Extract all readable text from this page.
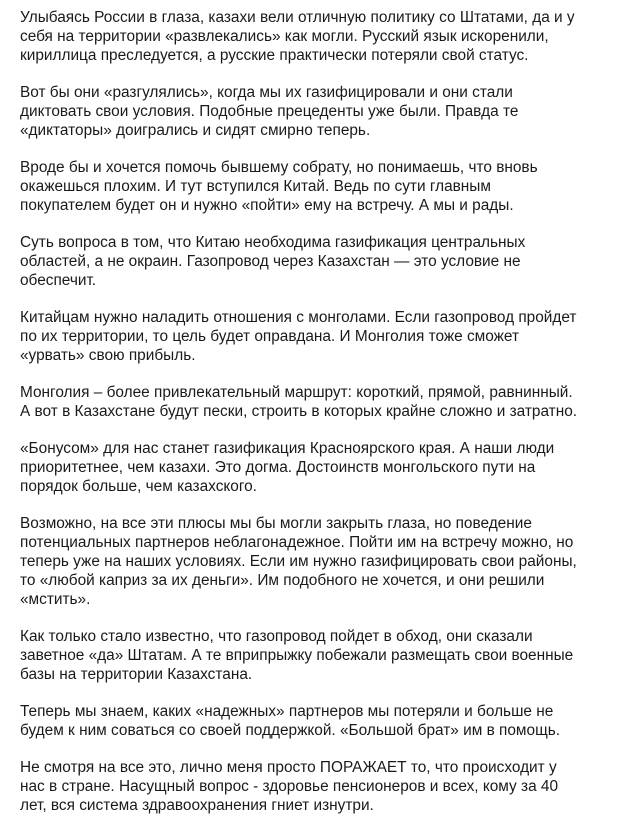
Улыбаясь России в глаза, казахи вели отличную политику со Штатами, да и у
себя на территории «развлекались» как могли. Русский язык искоренили,
кириллица преследуется, а русские практически потеряли свой статус.

Вот бы они «разгулялись», когда мы их газифицировали и они стали
диктовать свои условия. Подобные прецеденты уже были. Правда те
«диктаторы» доигрались и сидят смирно теперь.

Вроде бы и хочется помочь бывшему собрату, но понимаешь, что вновь
окажешься плохим. И тут вступился Китай. Ведь по сути главным
покупателем будет он и нужно «пойти» ему на встречу. А мы и рады.

Суть вопроса в том, что Китаю необходима газификация центральных
областей, а не окраин. Газопровод через Казахстан — это условие не
обеспечит.

Китайцам нужно наладить отношения с монголами. Если газопровод пройдет
по их территории, то цель будет оправдана. И Монголия тоже сможет
«урвать» свою прибыль.

Монголия – более привлекательный маршрут: короткий, прямой, равнинный.
А вот в Казахстане будут пески, строить в которых крайне сложно и затратно.

«Бонусом» для нас станет газификация Красноярского края. А наши люди
приоритетнее, чем казахи. Это догма. Достоинств монгольского пути на
порядок больше, чем казахского.

Возможно, на все эти плюсы мы бы могли закрыть глаза, но поведение
потенциальных партнеров неблагонадежное. Пойти им на встречу можно, но
теперь уже на наших условиях. Если им нужно газифицировать свои районы,
то «любой каприз за их деньги». Им подобного не хочется, и они решили
«мстить».

Как только стало известно, что газопровод пойдет в обход, они сказали
заветное «да» Штатам. А те вприпрыжку побежали размещать свои военные
базы на территории Казахстана.

Теперь мы знаем, каких «надежных» партнеров мы потеряли и больше не
будем к ним соваться со своей поддержкой. «Большой брат» им в помощь.

Не смотря на все это, лично меня просто ПОРАЖАЕТ то, что происходит у
нас в стране. Насущный вопрос - здоровье пенсионеров и всех, кому за 40
лет, вся система здравоохранения гниет изнутри.
